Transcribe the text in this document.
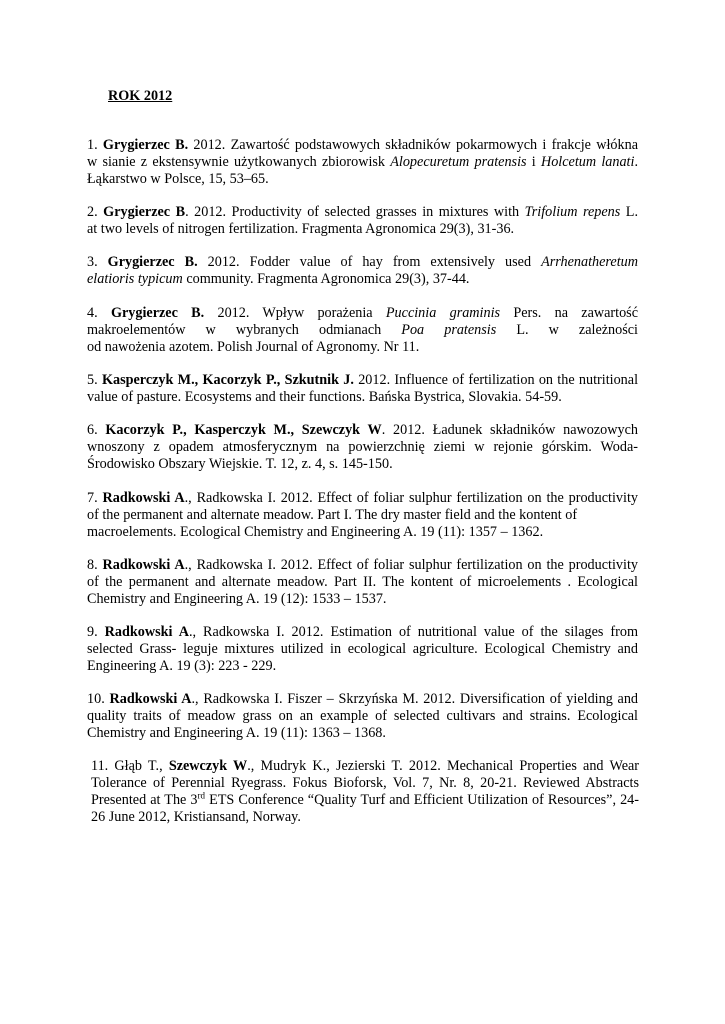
ROK 2012
1. Grygierzec B. 2012. Zawartość podstawowych składników pokarmowych i frakcje włókna
w sianie z ekstensywnie użytkowanych zbiorowisk Alopecuretum pratensis i Holcetum lanati.
Łąkarstwo w Polsce, 15, 53–65.
2. Grygierzec B. 2012. Productivity of selected grasses in mixtures with Trifolium repens L.
at two levels of nitrogen fertilization. Fragmenta Agronomica 29(3), 31-36.
3. Grygierzec B. 2012. Fodder value of hay from extensively used Arrhenatheretum
elatioris typicum community. Fragmenta Agronomica 29(3), 37-44.
4. Grygierzec B. 2012. Wpływ porażenia Puccinia graminis Pers. na zawartość
makroelementów w wybranych odmianach Poa pratensis L. w zależności
od nawożenia azotem. Polish Journal of Agronomy. Nr 11.
5. Kasperczyk M., Kacorzyk P., Szkutnik J. 2012. Influence of fertilization on the nutritional
value of pasture. Ecosystems and their functions. Bańska Bystrica, Slovakia. 54-59.
6. Kacorzyk P., Kasperczyk M., Szewczyk W. 2012. Ładunek składników nawozowych
wnoszony z opadem atmosferycznym na powierzchnię ziemi w rejonie górskim. Woda-
Środowisko Obszary Wiejskie. T. 12, z. 4, s. 145-150.
7. Radkowski A., Radkowska I. 2012. Effect of foliar sulphur fertilization on the productivity
of the permanent and alternate meadow. Part I. The dry master field and the kontent of
macroelements. Ecological Chemistry and Engineering A. 19 (11): 1357 – 1362.
8. Radkowski A., Radkowska I. 2012. Effect of foliar sulphur fertilization on the productivity
of the permanent and alternate meadow. Part II. The kontent of microelements . Ecological
Chemistry and Engineering A. 19 (12): 1533 – 1537.
9. Radkowski A., Radkowska I. 2012. Estimation of nutritional value of the silages from
selected Grass- leguje mixtures utilized in ecological agriculture. Ecological Chemistry and
Engineering A. 19 (3): 223 - 229.
10. Radkowski A., Radkowska I. Fiszer – Skrzyńska M. 2012. Diversification of yielding and
quality traits of meadow grass on an example of selected cultivars and strains. Ecological
Chemistry and Engineering A. 19 (11): 1363 – 1368.
11. Głąb T., Szewczyk W., Mudryk K., Jezierski T. 2012. Mechanical Properties and Wear
Tolerance of Perennial Ryegrass. Fokus Bioforsk, Vol. 7, Nr. 8, 20-21. Reviewed Abstracts
Presented at The 3rd ETS Conference “Quality Turf and Efficient Utilization of Resources”, 24-
26 June 2012, Kristiansand, Norway.
